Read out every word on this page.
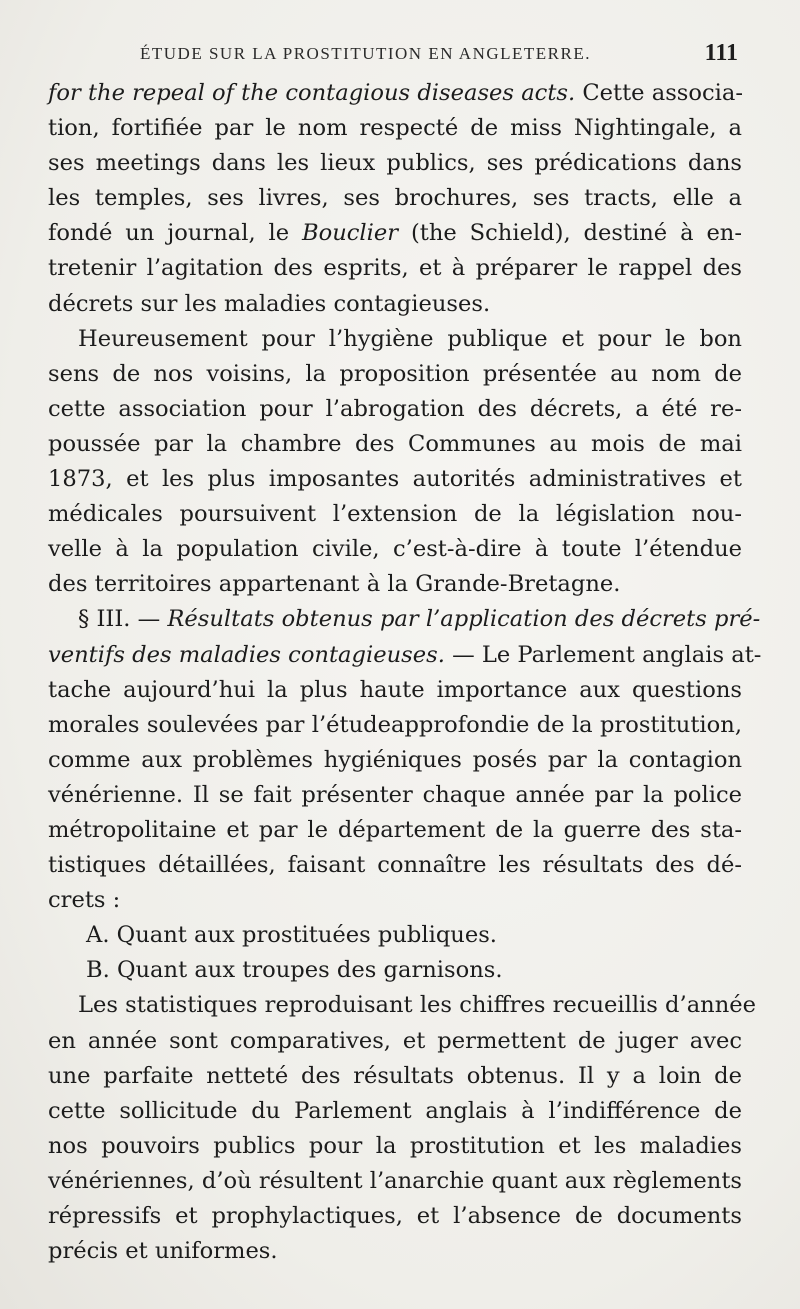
ÉTUDE SUR LA PROSTITUTION EN ANGLETERRE.	111
for the repeal of the contagious diseases acts. Cette associa-
tion, fortifiée par le nom respecté de miss Nightingale, a
ses meetings dans les lieux publics, ses prédications dans
les temples, ses livres, ses brochures, ses tracts, elle a
fondé un journal, le Bouclier (the Schield), destiné à en-
tretenir l’agitation des esprits, et à préparer le rappel des
décrets sur les maladies contagieuses.
Heureusement pour l’hygiène publique et pour le bon
sens de nos voisins, la proposition présentée au nom de
cette association pour l’abrogation des décrets, a été re-
poussée par la chambre des Communes au mois de mai
1873, et les plus imposantes autorités administratives et
médicales poursuivent l’extension de la législation nou-
velle à la population civile, c’est-à-dire à toute l’étendue
des territoires appartenant à la Grande-Bretagne.
§ III. — Résultats obtenus par l’application des décrets pré-
ventifs des maladies contagieuses. — Le Parlement anglais at-
tache aujourd’hui la plus haute importance aux questions
morales soulevées par l’étudeapprofondie de la prostitution,
comme aux problèmes hygiéniques posés par la contagion
vénérienne. Il se fait présenter chaque année par la police
métropolitaine et par le département de la guerre des sta-
tistiques détaillées, faisant connaître les résultats des dé-
crets :
A. Quant aux prostituées publiques.
B. Quant aux troupes des garnisons.
Les statistiques reproduisant les chiffres recueillis d’année
en année sont comparatives, et permettent de juger avec
une parfaite netteté des résultats obtenus. Il y a loin de
cette sollicitude du Parlement anglais à l’indifférence de
nos pouvoirs publics pour la prostitution et les maladies
vénériennes, d’où résultent l’anarchie quant aux règlements
répressifs et prophylactiques, et l’absence de documents
précis et uniformes.
